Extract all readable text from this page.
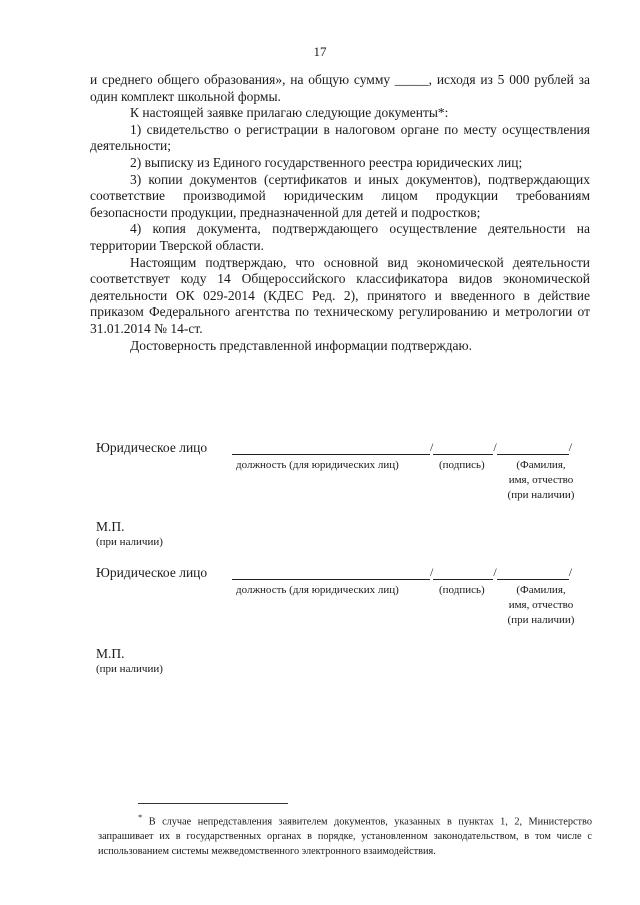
17

и среднего общего образования», на общую сумму _____, исходя из 5 000 рублей за один комплект школьной формы.

К настоящей заявке прилагаю следующие документы*:

1) свидетельство о регистрации в налоговом органе по месту осуществления деятельности;

2) выписку из Единого государственного реестра юридических лиц;

3) копии документов (сертификатов и иных документов), подтверждающих соответствие производимой юридическим лицом продукции требованиям безопасности продукции, предназначенной для детей и подростков;

4) копия документа, подтверждающего осуществление деятельности на территории Тверской области.

Настоящим подтверждаю, что основной вид экономической деятельности соответствует коду 14 Общероссийского классификатора видов экономической деятельности ОК 029-2014 (КДЕС Ред. 2), принятого и введенного в действие приказом Федерального агентства по техническому регулированию и метрологии от 31.01.2014 № 14-ст.

Достоверность представленной информации подтверждаю.

Юридическое лицо	/	/	/
должность (для юридических лиц)	(подпись)	(Фамилия,
имя, отчество
(при наличии)
М.П.
(при наличии)
Юридическое лицо	/	/	/
должность (для юридических лиц)	(подпись)	(Фамилия,
имя, отчество
(при наличии)
М.П.
(при наличии)
* В случае непредставления заявителем документов, указанных в пунктах 1, 2, Министерство запрашивает их в государственных органах в порядке, установленном законодательством, в том числе с использованием системы межведомственного электронного взаимодействия.
